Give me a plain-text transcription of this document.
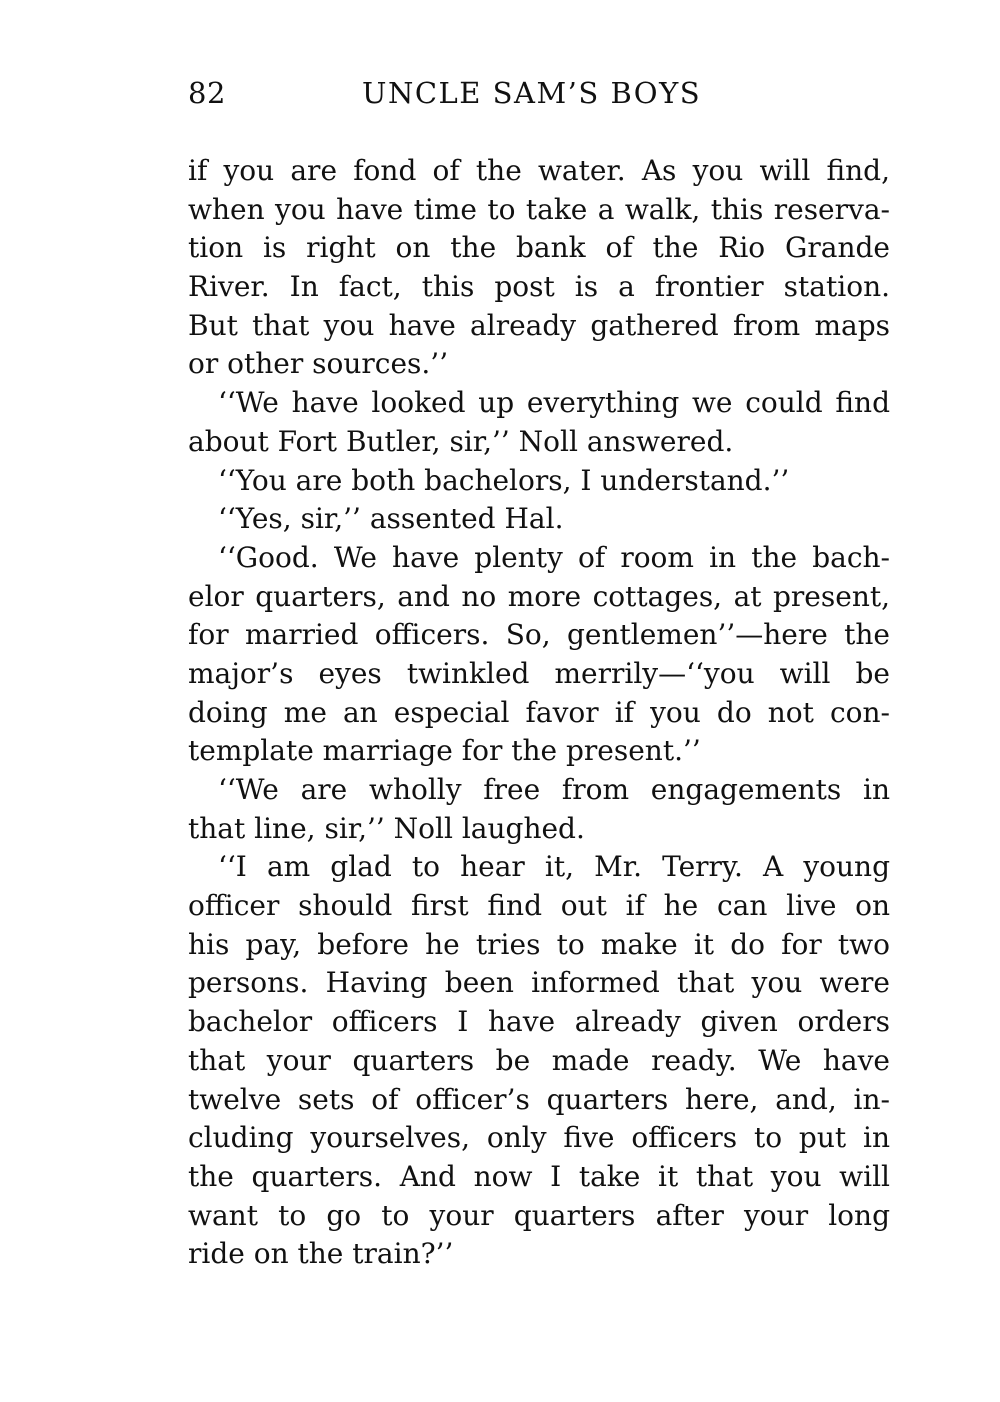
82	UNCLE SAM’S BOYS
if you are fond of the water. As you will find,
when you have time to take a walk, this reserva-
tion is right on the bank of the Rio Grande
River. In fact, this post is a frontier station.
But that you have already gathered from maps
or other sources.’’
‘‘We have looked up everything we could find
about Fort Butler, sir,’’ Noll answered.
‘‘You are both bachelors, I understand.’’
‘‘Yes, sir,’’ assented Hal.
‘‘Good. We have plenty of room in the bach-
elor quarters, and no more cottages, at present,
for married officers. So, gentlemen’’—here the
major’s eyes twinkled merrily—‘‘you will be
doing me an especial favor if you do not con-
template marriage for the present.’’
‘‘We are wholly free from engagements in
that line, sir,’’ Noll laughed.
‘‘I am glad to hear it, Mr. Terry. A young
officer should first find out if he can live on
his pay, before he tries to make it do for two
persons. Having been informed that you were
bachelor officers I have already given orders
that your quarters be made ready. We have
twelve sets of officer’s quarters here, and, in-
cluding yourselves, only five officers to put in
the quarters. And now I take it that you will
want to go to your quarters after your long
ride on the train?’’
